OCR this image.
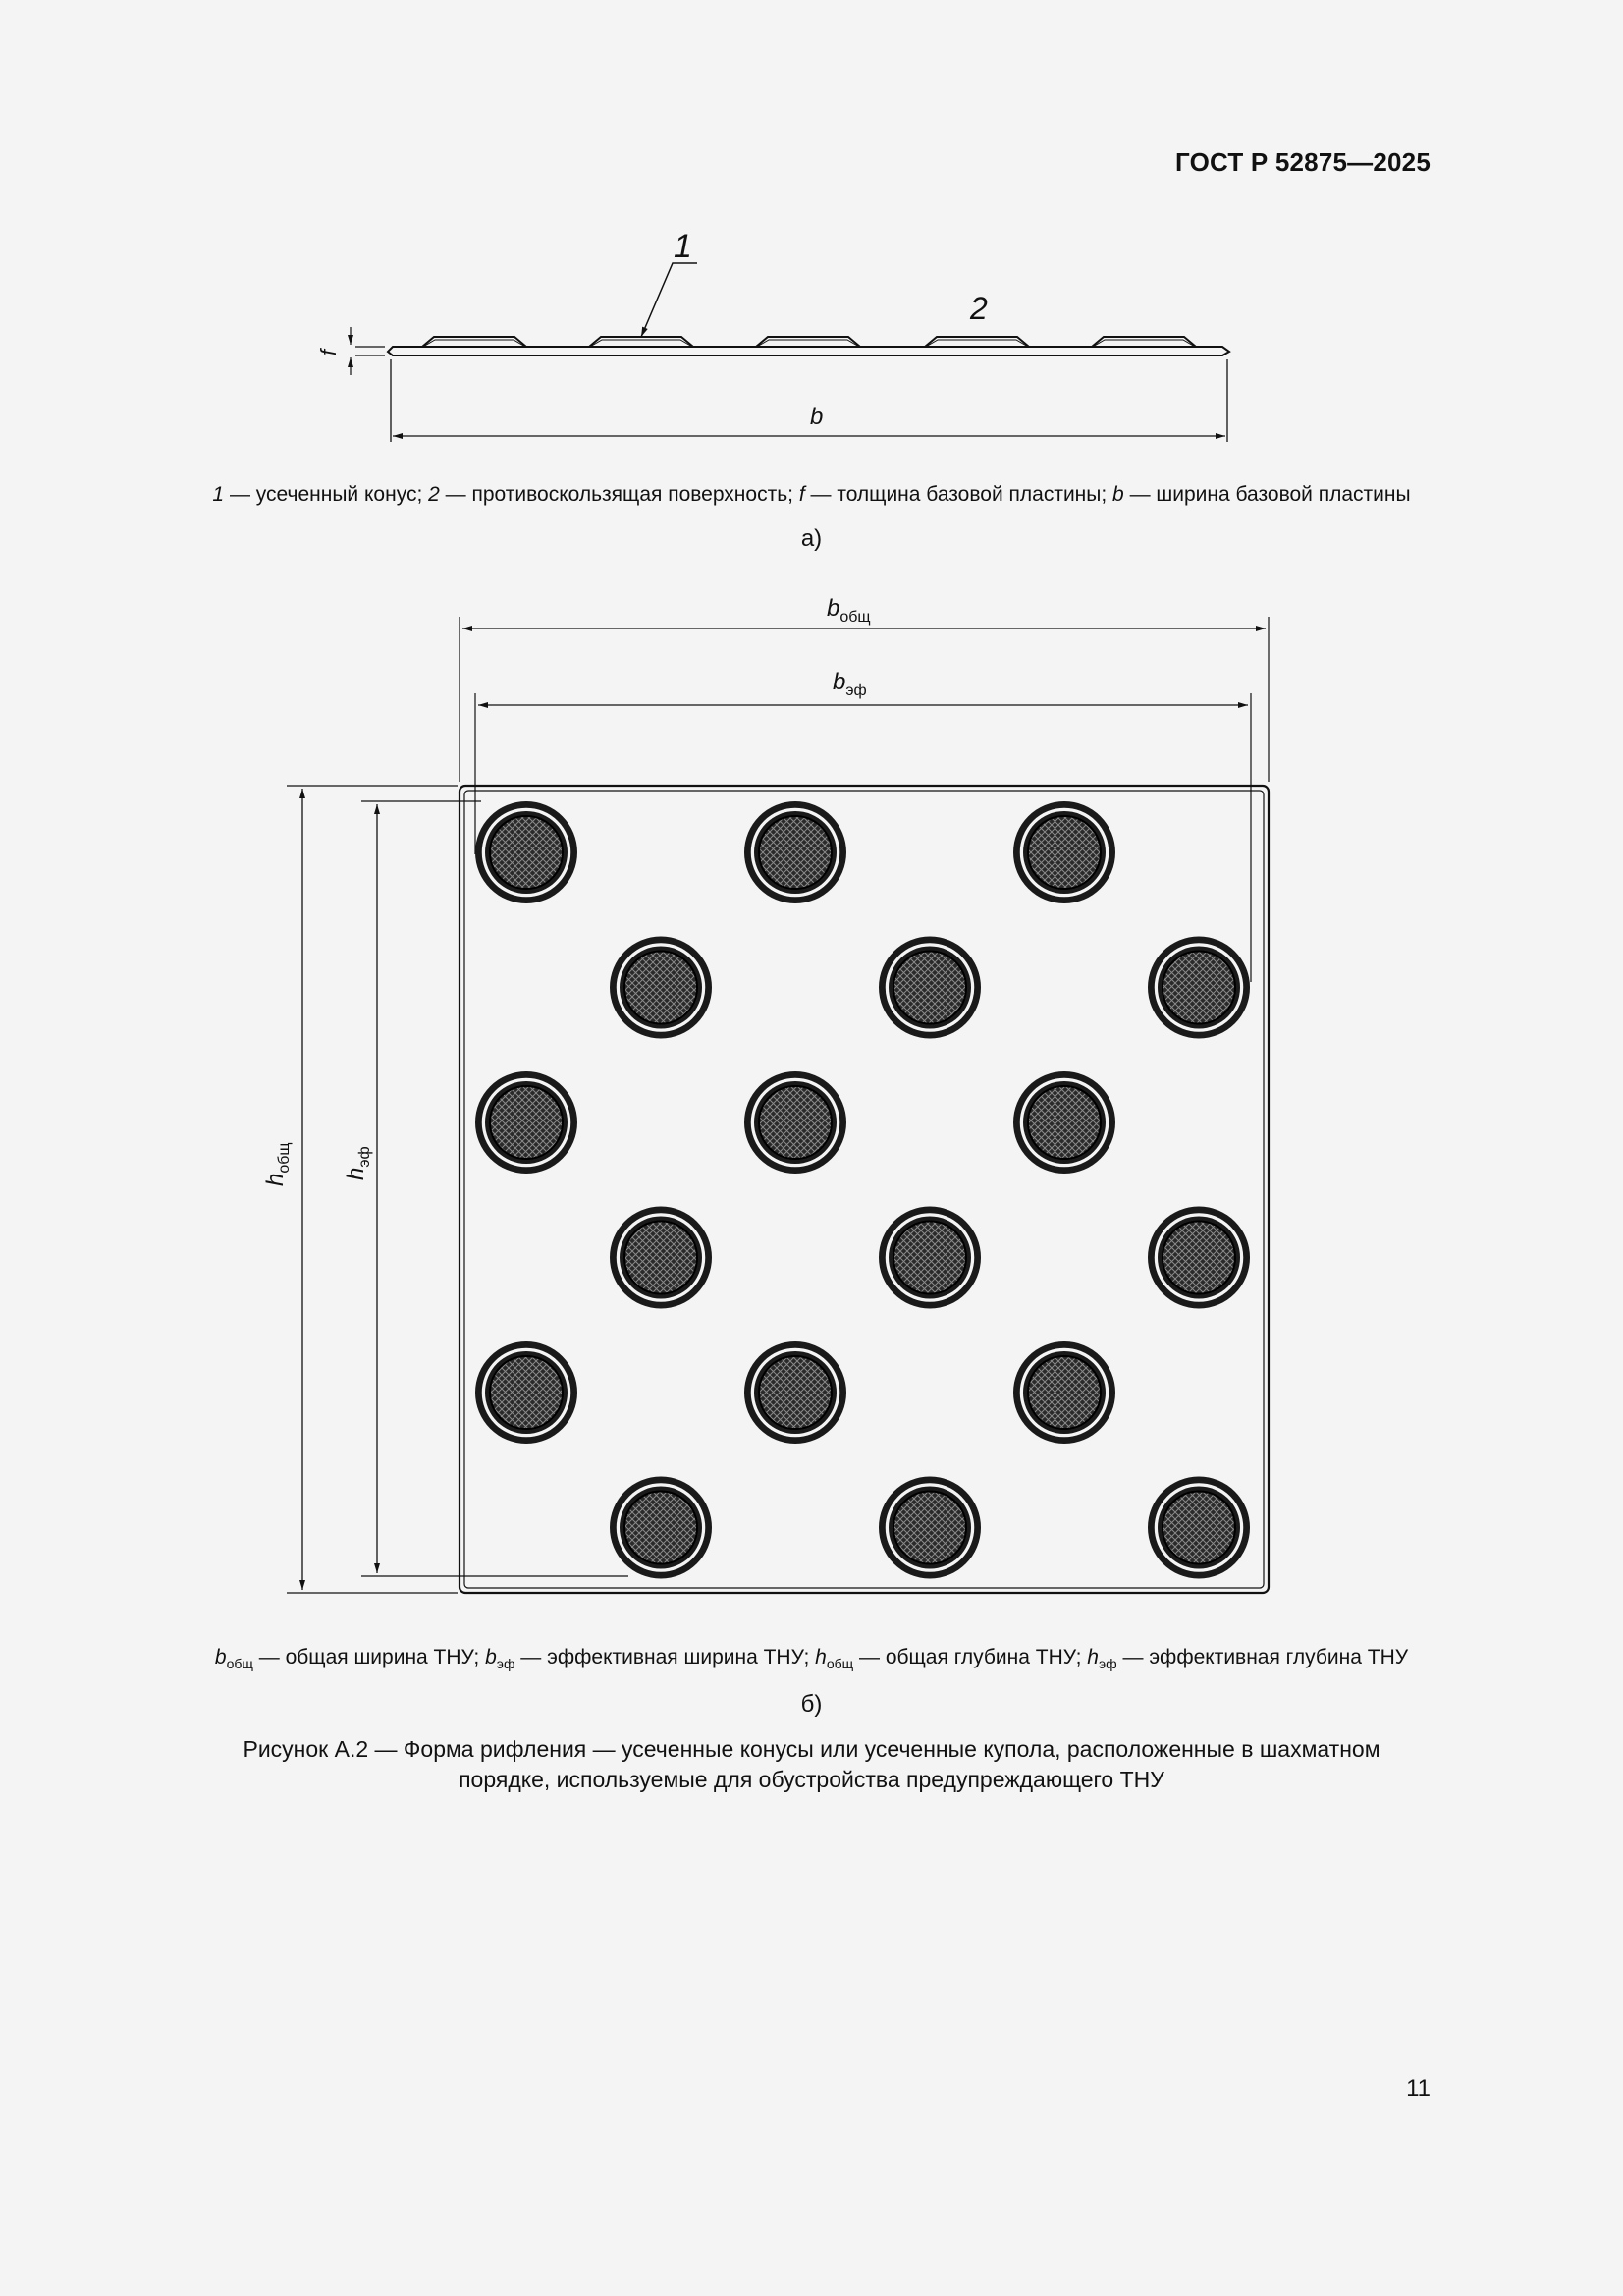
ГОСТ Р 52875—2025
1
2
b
f
$b_{общ}$
$b_{эф}$
$h_{общ}$
$h_{эф}$
1 — усеченный конус; 2 — противоскользящая поверхность; f — толщина базовой пластины; b — ширина базовой пластины
а)
$b_{общ}$ — общая ширина ТНУ; $b_{эф}$ — эффективная ширина ТНУ; $h_{общ}$ — общая глубина ТНУ; $h_{эф}$ — эффективная глубина ТНУ
б)
Рисунок А.2 — Форма рифления — усеченные конусы или усеченные купола, расположенные в шахматном
порядке, используемые для обустройства предупреждающего ТНУ
11
